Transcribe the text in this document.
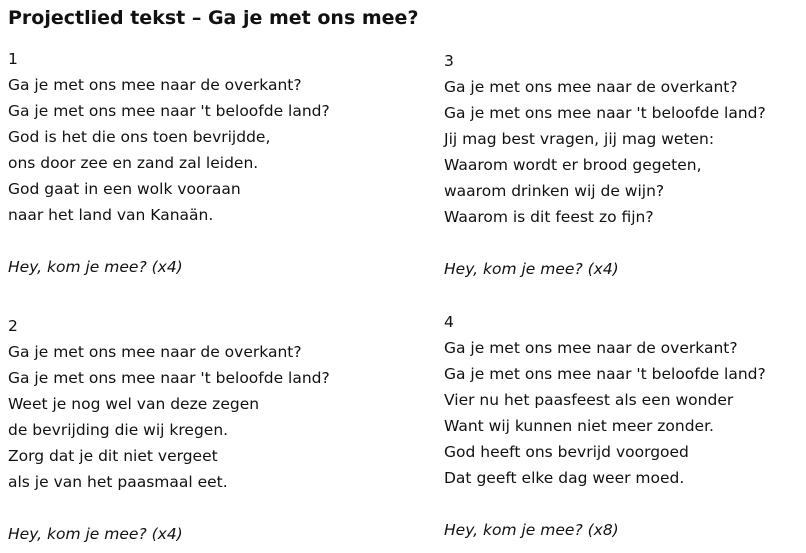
Projectlied tekst – Ga je met ons mee?
1
Ga je met ons mee naar de overkant?
Ga je met ons mee naar 't beloofde land?
God is het die ons toen bevrijdde,
ons door zee en zand zal leiden.
God gaat in een wolk vooraan
naar het land van Kanaän.
Hey, kom je mee? (x4)
2
Ga je met ons mee naar de overkant?
Ga je met ons mee naar 't beloofde land?
Weet je nog wel van deze zegen
de bevrijding die wij kregen.
Zorg dat je dit niet vergeet
als je van het paasmaal eet.
Hey, kom je mee? (x4)
3
Ga je met ons mee naar de overkant?
Ga je met ons mee naar 't beloofde land?
Jij mag best vragen, jij mag weten:
Waarom wordt er brood gegeten,
waarom drinken wij de wijn?
Waarom is dit feest zo fijn?
Hey, kom je mee? (x4)
4
Ga je met ons mee naar de overkant?
Ga je met ons mee naar 't beloofde land?
Vier nu het paasfeest als een wonder
Want wij kunnen niet meer zonder.
God heeft ons bevrijd voorgoed
Dat geeft elke dag weer moed.
Hey, kom je mee? (x8)
